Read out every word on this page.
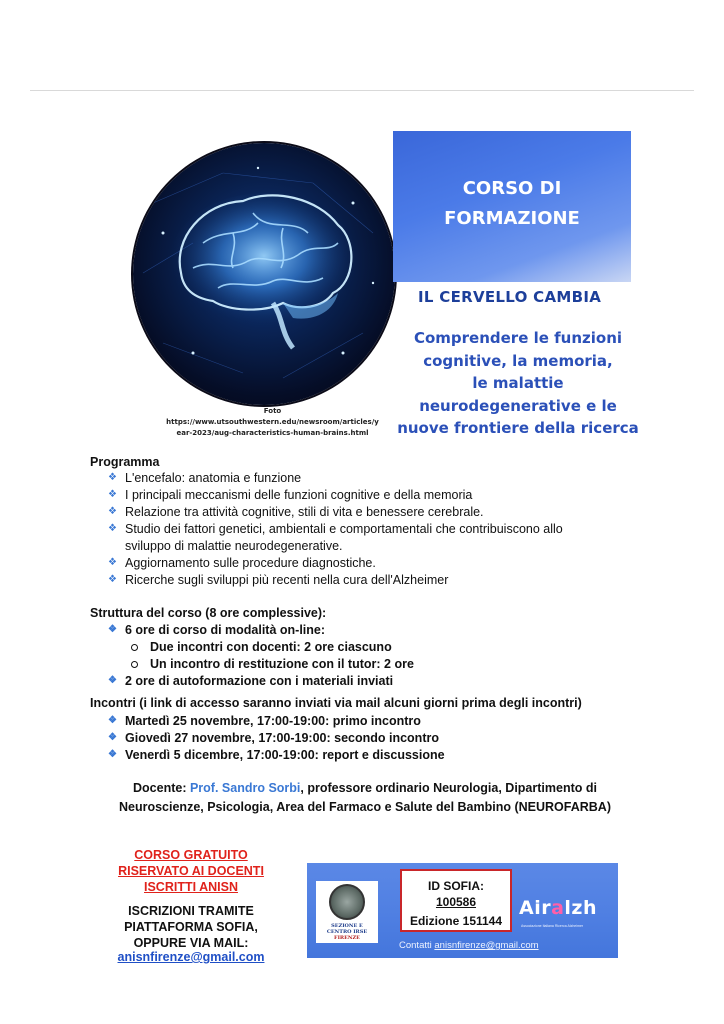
Foto
https://www.utsouthwestern.edu/newsroom/articles/y
ear-2023/aug-characteristics-human-brains.html
CORSO DI
FORMAZIONE
IL CERVELLO CAMBIA
Comprendere le funzioni
cognitive, la memoria,
le malattie
neurodegenerative e le
nuove frontiere della ricerca
Programma
❖ L'encefalo: anatomia e funzione
❖ I principali meccanismi delle funzioni cognitive e della memoria
❖ Relazione tra attività cognitive, stili di vita e benessere cerebrale.
❖ Studio dei fattori genetici, ambientali e comportamentali che contribuiscono allo
sviluppo di malattie neurodegenerative.
❖ Aggiornamento sulle procedure diagnostiche.
❖ Ricerche sugli sviluppi più recenti nella cura dell'Alzheimer
Struttura del corso (8 ore complessive):
❖ 6 ore di corso di modalità on-line:
Due incontri con docenti: 2 ore ciascuno
Un incontro di restituzione con il tutor: 2 ore
❖ 2 ore di autoformazione con i materiali inviati
Incontri (i link di accesso saranno inviati via mail alcuni giorni prima degli incontri)
❖ Martedì 25 novembre, 17:00-19:00: primo incontro
❖ Giovedì 27 novembre, 17:00-19:00: secondo incontro
❖ Venerdì 5 dicembre, 17:00-19:00: report e discussione
Docente: Prof. Sandro Sorbi, professore ordinario Neurologia, Dipartimento di
Neuroscienze, Psicologia, Area del Farmaco e Salute del Bambino (NEUROFARBA)
CORSO GRATUITO
RISERVATO AI DOCENTI
ISCRITTI ANISN
ISCRIZIONI TRAMITE
PIATTAFORMA SOFIA,
OPPURE VIA MAIL:
anisnfirenze@gmail.com
SEZIONE E
CENTRO IRSE
FIRENZE
ID SOFIA:
100586
Edizione 151144
Airalzh
Associazione Italiana Ricerca Alzheimer
Contatti anisnfirenze@gmail.com
